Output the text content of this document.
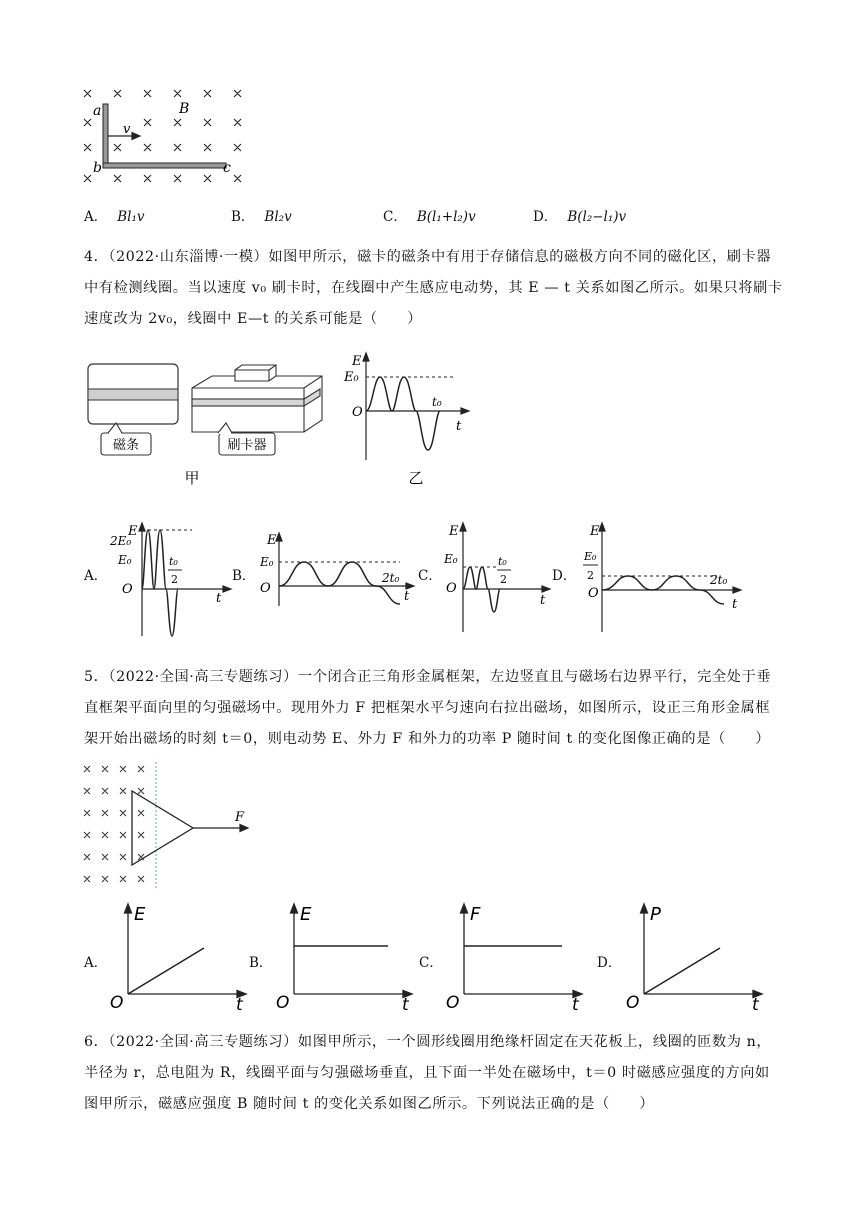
a
b	c
B
v
A． Bl₁v	B． Bl₂v	C． B(l₁+l₂)v	D． B(l₂−l₁)v
4．（2022·山东淄博·一模）如图甲所示，磁卡的磁条中有用于存储信息的磁极方向不同的磁化区，刷卡器
中有检测线圈。当以速度 v₀ 刷卡时，在线圈中产生感应电动势，其 E — t 关系如图乙所示。如果只将刷卡
速度改为 2v₀，线圈中 E—t 的关系可能是（　　）
磁条	刷卡器
甲
E
E₀
O
t₀
t
乙
A．
E
2E₀
E₀	t₀
2
O
t
B．
E
E₀
2t₀
O
t
C．
E
E₀	t₀
2
O
t
D．
E
E₀
2	2t₀
O
t
5．（2022·全国·高三专题练习）一个闭合正三角形金属框架，左边竖直且与磁场右边界平行，完全处于垂
直框架平面向里的匀强磁场中。现用外力 F 把框架水平匀速向右拉出磁场，如图所示，设正三角形金属框
架开始出磁场的时刻 t＝0，则电动势 E、外力 F 和外力的功率 P 随时间 t 的变化图像正确的是（　　）
F
A．
E
O	t
B．
E
O	t
C．
F
O	t
D．
P
O	t
6．（2022·全国·高三专题练习）如图甲所示，一个圆形线圈用绝缘杆固定在天花板上，线圈的匝数为 n，
半径为 r，总电阻为 R，线圈平面与匀强磁场垂直，且下面一半处在磁场中，t＝0 时磁感应强度的方向如
图甲所示，磁感应强度 B 随时间 t 的变化关系如图乙所示。下列说法正确的是（　　）
